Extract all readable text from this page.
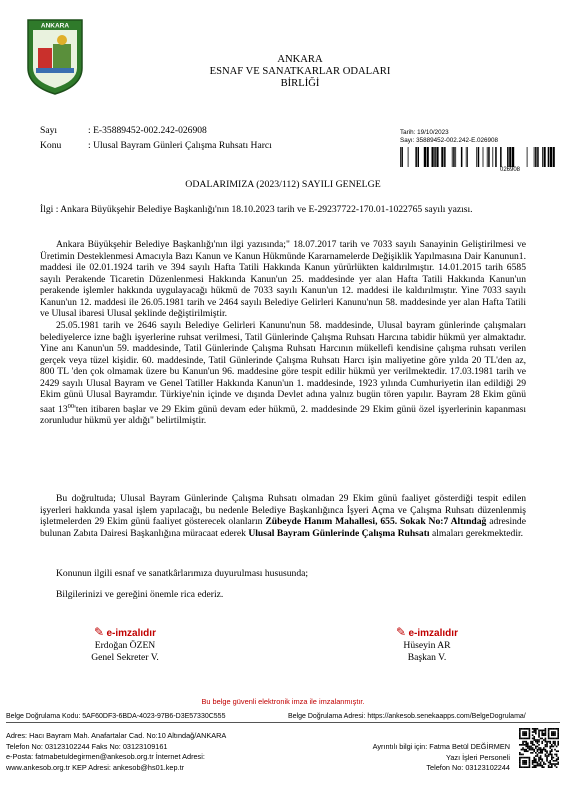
ANKARA
ANKARA
ESNAF VE SANATKARLAR ODALARI
BİRLİĞİ
Sayı	: E-35889452-002.242-026908
Konu	: Ulusal Bayram Günleri Çalışma Ruhsatı Harcı
Tarih: 19/10/2023
Sayı: 35889452-002.242-E.026908
026908
ODALARIMIZA (2023/112) SAYILI GENELGE
İlgi : Ankara Büyükşehir Belediye Başkanlığı'nın 18.10.2023 tarih ve E-29237722-170.01-1022765 sayılı yazısı.
Ankara Büyükşehir Belediye Başkanlığı'nın ilgi yazısında;" 18.07.2017 tarih ve 7033 sayılı Sanayinin Geliştirilmesi ve Üretimin Desteklenmesi Amacıyla Bazı Kanun ve Kanun Hükmünde Kararnamelerde Değişiklik Yapılmasına Dair Kanunun1. maddesi ile 02.01.1924 tarih ve 394 sayılı Hafta Tatili Hakkında Kanun yürürlükten kaldırılmıştır. 14.01.2015 tarih 6585 sayılı Perakende Ticaretin Düzenlenmesi Hakkında Kanun'un 25. maddesinde yer alan Hafta Tatili Hakkında Kanun'un perakende işlemler hakkında uygulayacağı hükmü de 7033 sayılı Kanun'un 12. maddesi ile kaldırılmıştır. Yine 7033 sayılı Kanun'un 12. maddesi ile 26.05.1981 tarih ve 2464 sayılı Belediye Gelirleri Kanunu'nun 58. maddesinde yer alan Hafta Tatili ve Ulusal ibaresi Ulusal şeklinde değiştirilmiştir.
25.05.1981 tarih ve 2646 sayılı Belediye Gelirleri Kanunu'nun 58. maddesinde, Ulusal bayram günlerinde çalışmaları belediyelerce izne bağlı işyerlerine ruhsat verilmesi, Tatil Günlerinde Çalışma Ruhsatı Harcına tabidir hükmü yer almaktadır. Yine anı Kanun'un 59. maddesinde, Tatil Günlerinde Çalışma Ruhsatı Harcının mükellefi kendisine çalışma ruhsatı verilen gerçek veya tüzel kişidir. 60. maddesinde, Tatil Günlerinde Çalışma Ruhsatı Harcı işin maliyetine göre yılda 20 TL'den az, 800 TL 'den çok olmamak üzere bu Kanun'un 96. maddesine göre tespit edilir hükmü yer verilmektedir. 17.03.1981 tarih ve 2429 sayılı Ulusal Bayram ve Genel Tatiller Hakkında Kanun'un 1. maddesinde, 1923 yılında Cumhuriyetin ilan edildiği 29 Ekim günü Ulusal Bayramdır. Türkiye'nin içinde ve dışında Devlet adına yalnız bugün tören yapılır. Bayram 28 Ekim günü saat $13^{00}'ten$ itibaren başlar ve 29 Ekim günü devam eder hükmü, 2. maddesinde 29 Ekim günü özel işyerlerinin kapanması zorunludur hükmü yer aldığı" belirtilmiştir.
Bu doğrultuda; Ulusal Bayram Günlerinde Çalışma Ruhsatı olmadan 29 Ekim günü faaliyet gösterdiği tespit edilen işyerleri hakkında yasal işlem yapılacağı, bu nedenle Belediye Başkanlığınca İşyeri Açma ve Çalışma Ruhsatı düzenlenmiş işletmelerden 29 Ekim günü faaliyet gösterecek olanların Zübeyde Hanım Mahallesi, 655. Sokak No:7 Altındağ adresinde bulunan Zabıta Dairesi Başkanlığına müracaat ederek Ulusal Bayram Günlerinde Çalışma Ruhsatı almaları gerekmektedir.
Konunun ilgili esnaf ve sanatkârlarımıza duyurulması hususunda;
Bilgilerinizi ve gereğini önemle rica ederiz.
✎ e-imzalıdır
Erdoğan ÖZEN
Genel Sekreter V.
✎ e-imzalıdır
Hüseyin AR
Başkan V.
Bu belge güvenli elektronik imza ile imzalanmıştır.
Belge Doğrulama Kodu: 5AF60DF3-6BDA-4023-97B6-D3E57330C555	Belge Doğrulama Adresi: https://ankesob.senekaapps.com/BelgeDogrulama/
Adres: Hacı Bayram Mah. Anafartalar Cad. No:10 Altındağ/ANKARA
Telefon No: 03123102244 Faks No: 03123109161
e-Posta: fatmabetuldegirmen@ankesob.org.tr İnternet Adresi:
www.ankesob.org.tr KEP Adresi: ankesob@hs01.kep.tr
Ayrıntılı bilgi için: Fatma Betül DEĞİRMEN
Yazı İşleri Personeli
Telefon No: 03123102244
